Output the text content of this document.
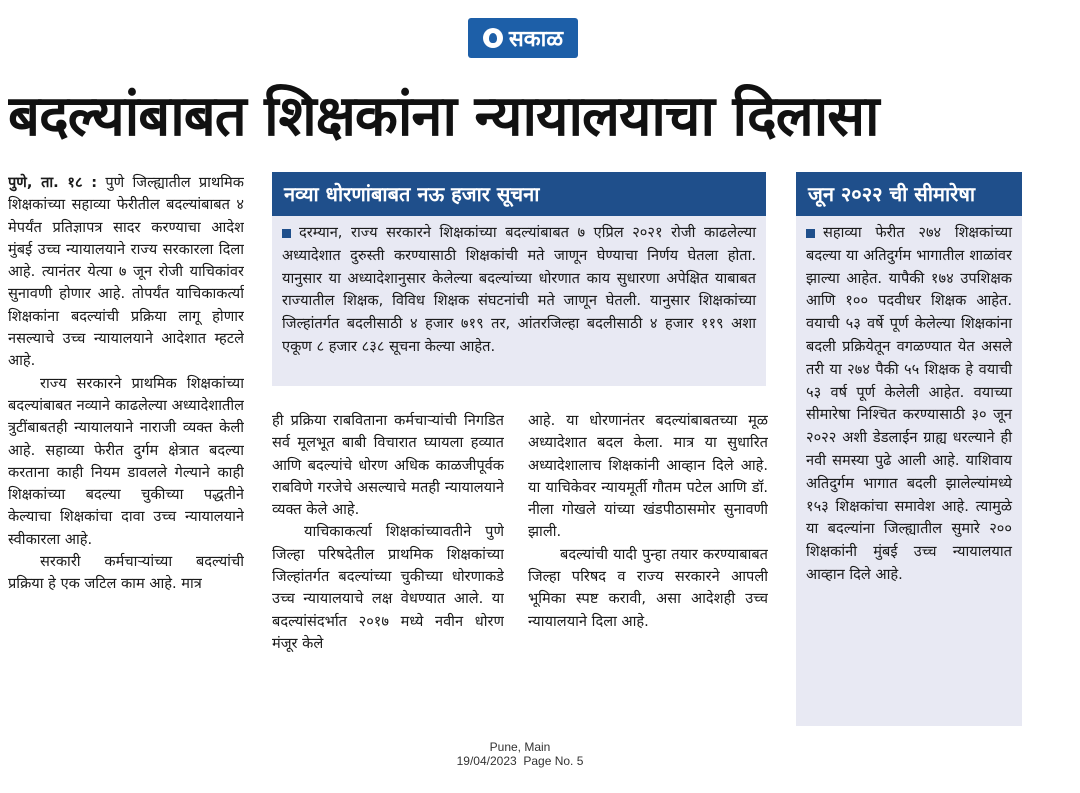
सकाळ
बदल्यांबाबत शिक्षकांना न्यायालयाचा दिलासा

पुणे, ता. १८ : पुणे जिल्ह्यातील प्राथमिक शिक्षकांच्या सहाव्या फेरीतील बदल्यांबाबत ४ मेपर्यंत प्रतिज्ञापत्र सादर करण्याचा आदेश मुंबई उच्च न्यायालयाने राज्य सरकारला दिला आहे. त्यानंतर येत्या ७ जून रोजी याचिकांवर सुनावणी होणार आहे. तोपर्यंत याचिकाकर्त्या शिक्षकांना बदल्यांची प्रक्रिया लागू होणार नसल्याचे उच्च न्यायालयाने आदेशात म्हटले आहे.

राज्य सरकारने प्राथमिक शिक्षकांच्या बदल्यांबाबत नव्याने काढलेल्या अध्यादेशातील त्रुटींबाबतही न्यायालयाने नाराजी व्यक्त केली आहे. सहाव्या फेरीत दुर्गम क्षेत्रात बदल्या करताना काही नियम डावलले गेल्याने काही शिक्षकांच्या बदल्या चुकीच्या पद्धतीने केल्याचा शिक्षकांचा दावा उच्च न्यायालयाने स्वीकारला आहे.

सरकारी कर्मचाऱ्यांच्या बदल्यांची प्रक्रिया हे एक जटिल काम आहे. मात्र

नव्या धोरणांबाबत नऊ हजार सूचना
दरम्यान, राज्य सरकारने शिक्षकांच्या बदल्यांबाबत ७ एप्रिल २०२१ रोजी काढलेल्या अध्यादेशात दुरुस्ती करण्यासाठी शिक्षकांची मते जाणून घेण्याचा निर्णय घेतला होता. यानुसार या अध्यादेशानुसार केलेल्या बदल्यांच्या धोरणात काय सुधारणा अपेक्षित याबाबत राज्यातील शिक्षक, विविध शिक्षक संघटनांची मते जाणून घेतली. यानुसार शिक्षकांच्या जिल्हांतर्गत बदलीसाठी ४ हजार ७१९ तर, आंतरजिल्हा बदलीसाठी ४ हजार ११९ अशा एकूण ८ हजार ८३८ सूचना केल्या आहेत.
जून २०२२ ची सीमारेषा
सहाव्या फेरीत २७४ शिक्षकांच्या बदल्या या अतिदुर्गम भागातील शाळांवर झाल्या आहेत. यापैकी १७४ उपशिक्षक आणि १०० पदवीधर शिक्षक आहेत. वयाची ५३ वर्षे पूर्ण केलेल्या शिक्षकांना बदली प्रक्रियेतून वगळण्यात येत असले तरी या २७४ पैकी ५५ शिक्षक हे वयाची ५३ वर्ष पूर्ण केलेली आहेत. वयाच्या सीमारेषा निश्चित करण्यासाठी ३० जून २०२२ अशी डेडलाईन ग्राह्य धरल्याने ही नवी समस्या पुढे आली आहे. याशिवाय अतिदुर्गम भागात बदली झालेल्यांमध्ये १५३ शिक्षकांचा समावेश आहे. त्यामुळे या बदल्यांना जिल्ह्यातील सुमारे २०० शिक्षकांनी मुंबई उच्च न्यायालयात आव्हान दिले आहे.

ही प्रक्रिया राबविताना कर्मचाऱ्यांची निगडित सर्व मूलभूत बाबी विचारात घ्यायला हव्यात आणि बदल्यांचे धोरण अधिक काळजीपूर्वक राबविणे गरजेचे असल्याचे मतही न्यायालयाने व्यक्त केले आहे.

याचिकाकर्त्या शिक्षकांच्यावतीने पुणे जिल्हा परिषदेतील प्राथमिक शिक्षकांच्या जिल्हांतर्गत बदल्यांच्या चुकीच्या धोरणाकडे उच्च न्यायालयाचे लक्ष वेधण्यात आले. या बदल्यांसंदर्भात २०१७ मध्ये नवीन धोरण मंजूर केले

आहे. या धोरणानंतर बदल्यांबाबतच्या मूळ अध्यादेशात बदल केला. मात्र या सुधारित अध्यादेशालाच शिक्षकांनी आव्हान दिले आहे. या याचिकेवर न्यायमूर्ती गौतम पटेल आणि डॉ. नीला गोखले यांच्या खंडपीठासमोर सुनावणी झाली.

बदल्यांची यादी पुन्हा तयार करण्याबाबत जिल्हा परिषद व राज्य सरकारने आपली भूमिका स्पष्ट करावी, असा आदेशही उच्च न्यायालयाने दिला आहे.

Pune, Main
19/04/2023  Page No. 5
